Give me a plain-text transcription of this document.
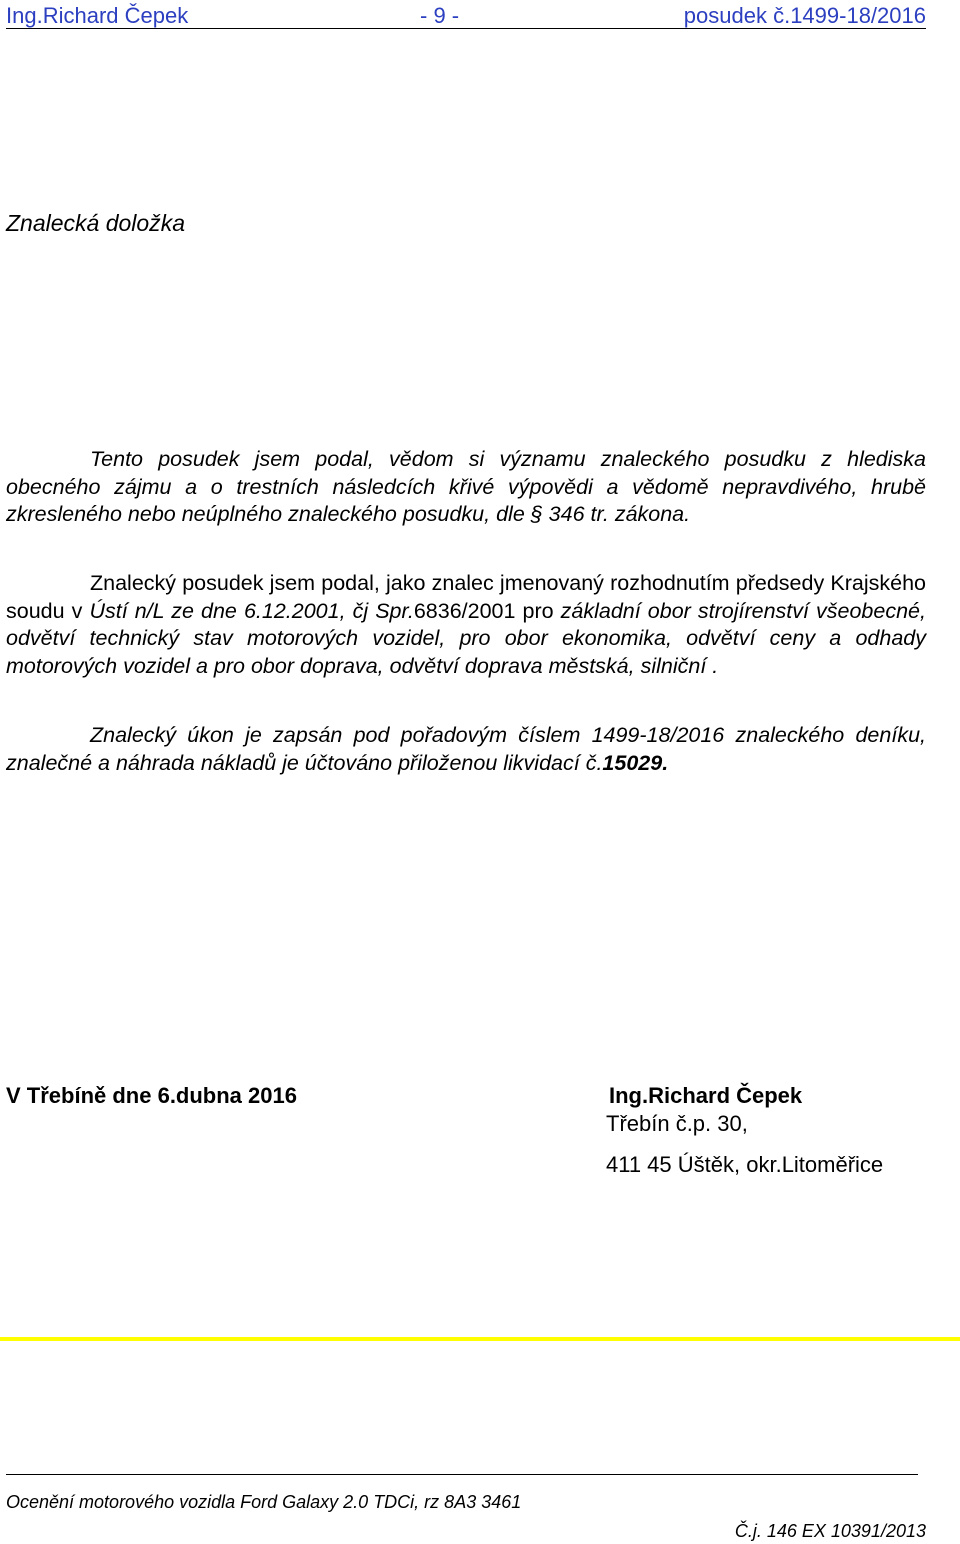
Ing.Richard Čepek	- 9 -	posudek č.1499-18/2016
Znalecká doložka

Tento posudek jsem podal, vědom si významu znaleckého posudku z hlediska obecného zájmu a o trestních následcích křivé výpovědi a vědomě nepravdivého, hrubě zkresleného nebo neúplného znaleckého posudku, dle § 346 tr. zákona.

Znalecký posudek jsem podal, jako znalec jmenovaný rozhodnutím předsedy Krajského soudu v Ústí n/L ze dne 6.12.2001, čj Spr.6836/2001 pro základní obor strojírenství všeobecné, odvětví technický stav motorových vozidel, pro obor ekonomika, odvětví ceny a odhady motorových vozidel a pro obor doprava, odvětví doprava městská, silniční .

Znalecký úkon je zapsán pod pořadovým číslem 1499-18/2016 znaleckého deníku, znalečné a náhrada nákladů je účtováno přiloženou likvidací č.15029.

V Třebíně dne 6.dubna 2016	Ing.Richard Čepek
Třebín č.p. 30,
411 45 Úštěk, okr.Litoměřice
Ocenění motorového vozidla Ford Galaxy 2.0 TDCi, rz 8A3 3461
Č.j. 146 EX 10391/2013
